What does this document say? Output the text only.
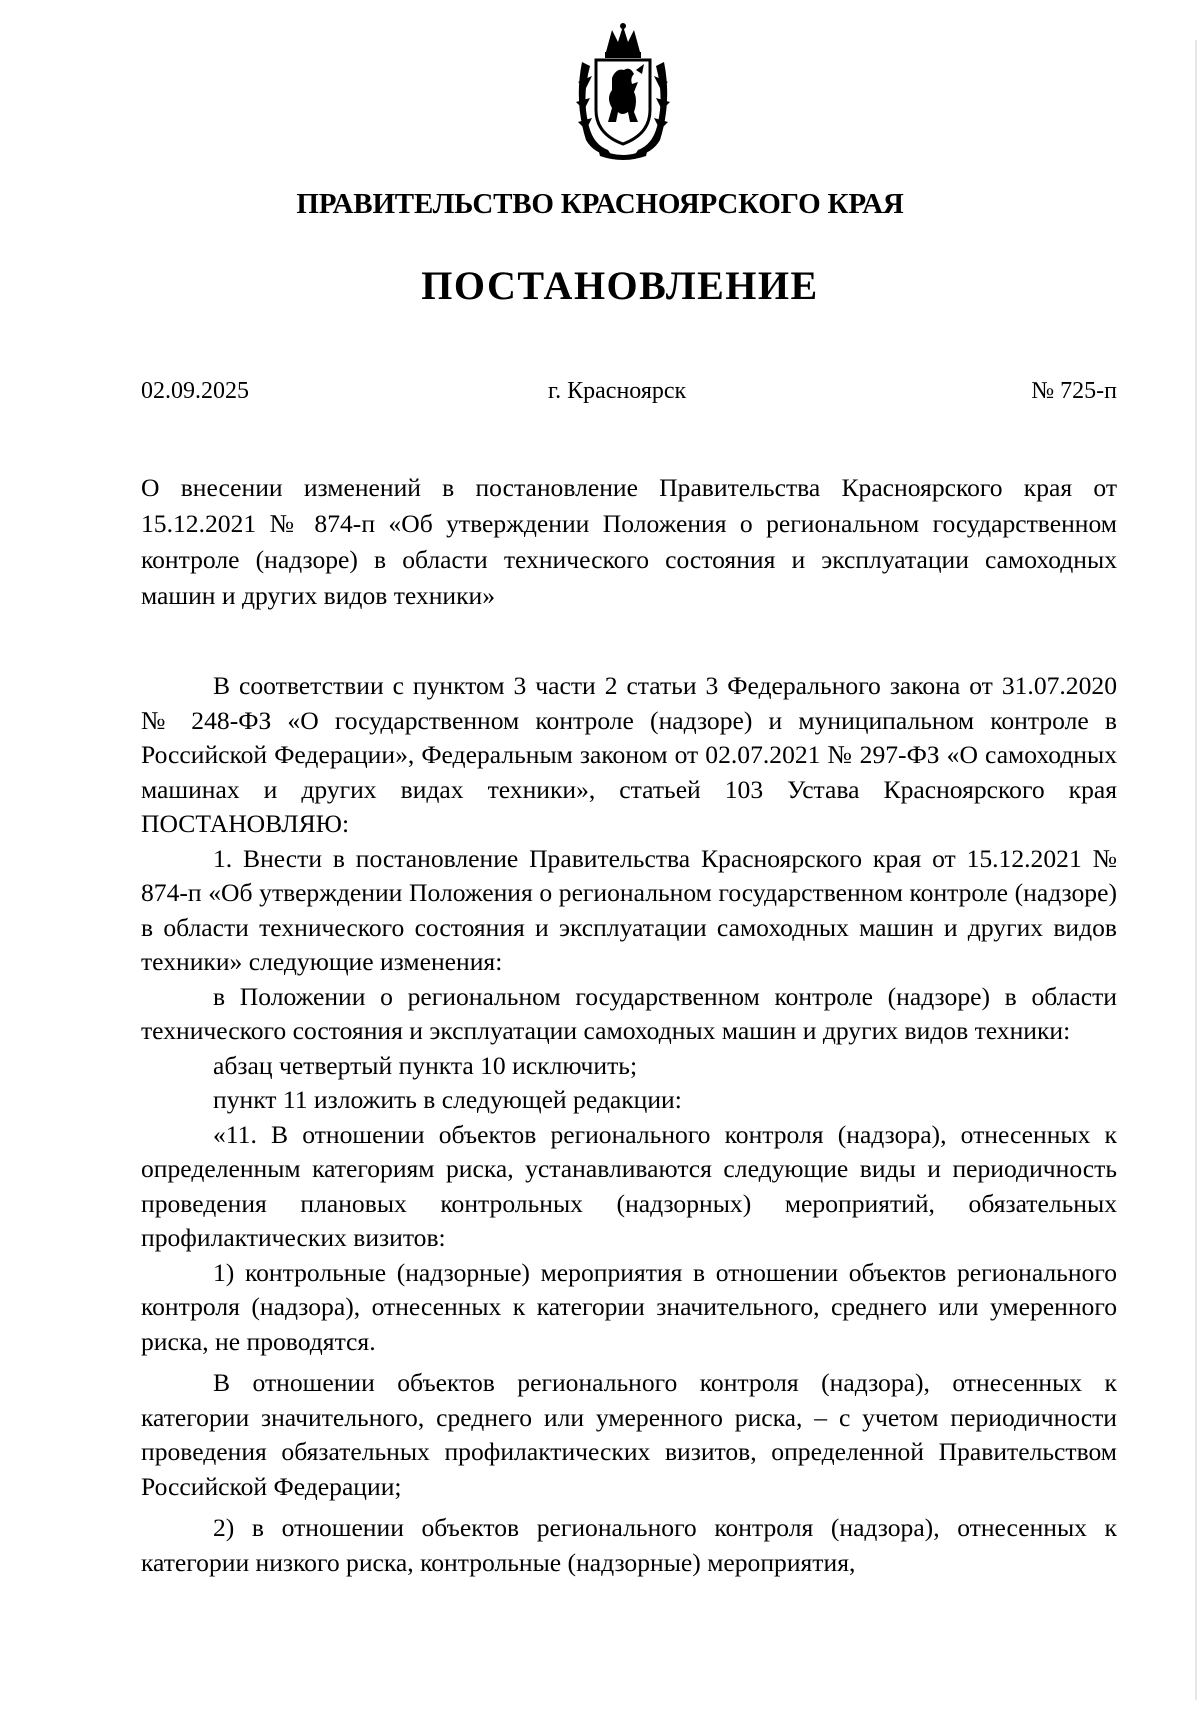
ПРАВИТЕЛЬСТВО КРАСНОЯРСКОГО КРАЯ
ПОСТАНОВЛЕНИЕ
02.09.2025	г. Красноярск	№ 725-п
О внесении изменений в постановление Правительства Красноярского края от 15.12.2021 № 874-п «Об утверждении Положения о региональном государственном контроле (надзоре) в области технического состояния и эксплуатации самоходных машин и других видов техники»

В соответствии с пунктом 3 части 2 статьи 3 Федерального закона от 31.07.2020 № 248-ФЗ «О государственном контроле (надзоре) и муниципальном контроле в Российской Федерации», Федеральным законом от 02.07.2021 № 297-ФЗ «О самоходных машинах и других видах техники», статьей 103 Устава Красноярского края ПОСТАНОВЛЯЮ:

1. Внести в постановление Правительства Красноярского края от 15.12.2021 № 874-п «Об утверждении Положения о региональном государственном контроле (надзоре) в области технического состояния и эксплуатации самоходных машин и других видов техники» следующие изменения:

в Положении о региональном государственном контроле (надзоре) в области технического состояния и эксплуатации самоходных машин и других видов техники:

абзац четвертый пункта 10 исключить;

пункт 11 изложить в следующей редакции:

«11. В отношении объектов регионального контроля (надзора), отнесенных к определенным категориям риска, устанавливаются следующие виды и периодичность проведения плановых контрольных (надзорных) мероприятий, обязательных профилактических визитов:

1) контрольные (надзорные) мероприятия в отношении объектов регионального контроля (надзора), отнесенных к категории значительного, среднего или умеренного риска, не проводятся.

В отношении объектов регионального контроля (надзора), отнесенных к категории значительного, среднего или умеренного риска, – с учетом периодичности проведения обязательных профилактических визитов, определенной Правительством Российской Федерации;

2) в отношении объектов регионального контроля (надзора), отнесенных к категории низкого риска, контрольные (надзорные) мероприятия,
